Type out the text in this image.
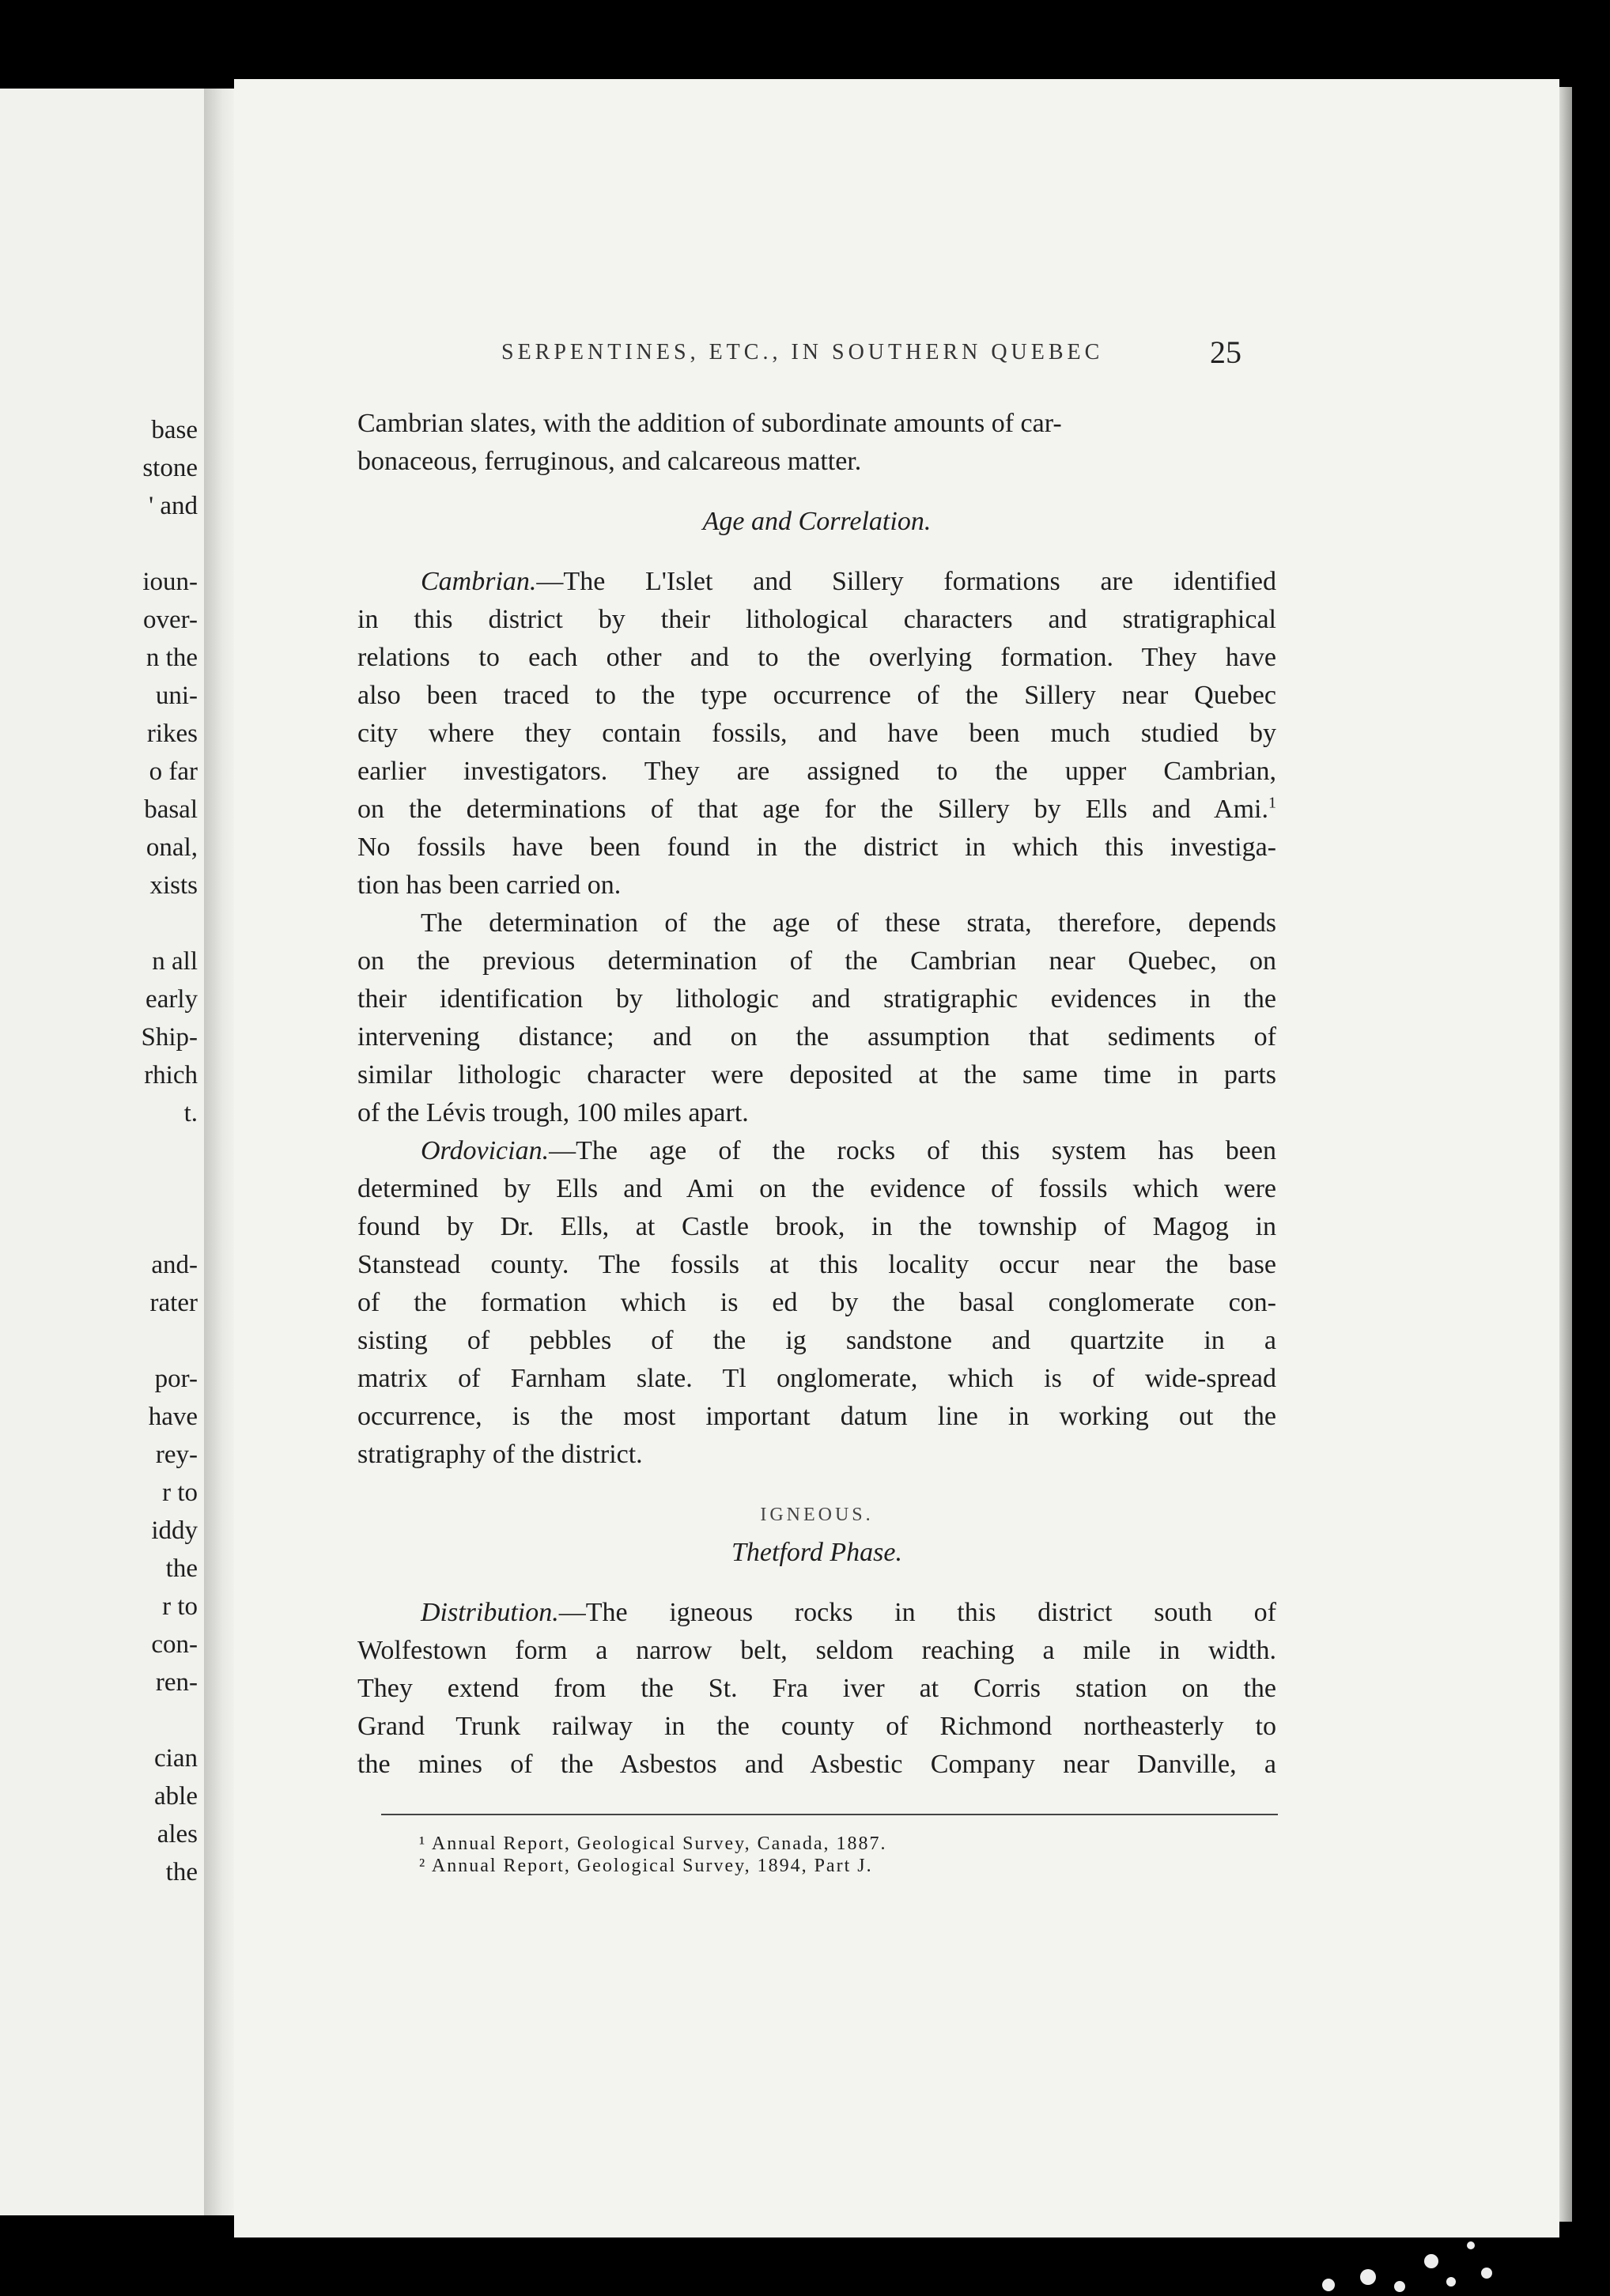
base
stone
' and
ioun-
over-
n the
uni-
rikes
o far
basal
onal,
xists
n all
early
Ship-
rhich
t.
and-
rater
por-
have
rey-
r to
iddy
the
r to
con-
ren-
cian
able
ales
the
SERPENTINES, ETC., IN SOUTHERN QUEBEC	25
Cambrian slates, with the addition of subordinate amounts of car-
bonaceous, ferruginous, and calcareous matter.
Age and Correlation.
Cambrian.—The L'Islet and Sillery formations are identified
in this district by their lithological characters and stratigraphical
relations to each other and to the overlying formation. They have
also been traced to the type occurrence of the Sillery near Quebec
city where they contain fossils, and have been much studied by
earlier investigators. They are assigned to the upper Cambrian,
on the determinations of that age for the Sillery by Ells and Ami.$^1$
No fossils have been found in the district in which this investiga-
tion has been carried on.
The determination of the age of these strata, therefore, depends
on the previous determination of the Cambrian near Quebec, on
their identification by lithologic and stratigraphic evidences in the
intervening distance; and on the assumption that sediments of
similar lithologic character were deposited at the same time in parts
of the Lévis trough, 100 miles apart.
Ordovician.—The age of the rocks of this system has been
determined by Ells and Ami on the evidence of fossils which were
found by Dr. Ells, at Castle brook, in the township of Magog in
Stanstead county. The fossils at this locality occur near the base
of the formation which is ed by the basal conglomerate con-
sisting of pebbles of the ig sandstone and quartzite in a
matrix of Farnham slate. Tl onglomerate, which is of wide-spread
occurrence, is the most important datum line in working out the
stratigraphy of the district.
IGNEOUS.
Thetford Phase.
Distribution.—The igneous rocks in this district south of
Wolfestown form a narrow belt, seldom reaching a mile in width.
They extend from the St. Fra iver at Corris station on the
Grand Trunk railway in the county of Richmond northeasterly to
the mines of the Asbestos and Asbestic Company near Danville, a
¹ Annual Report, Geological Survey, Canada, 1887.
² Annual Report, Geological Survey, 1894, Part J.
